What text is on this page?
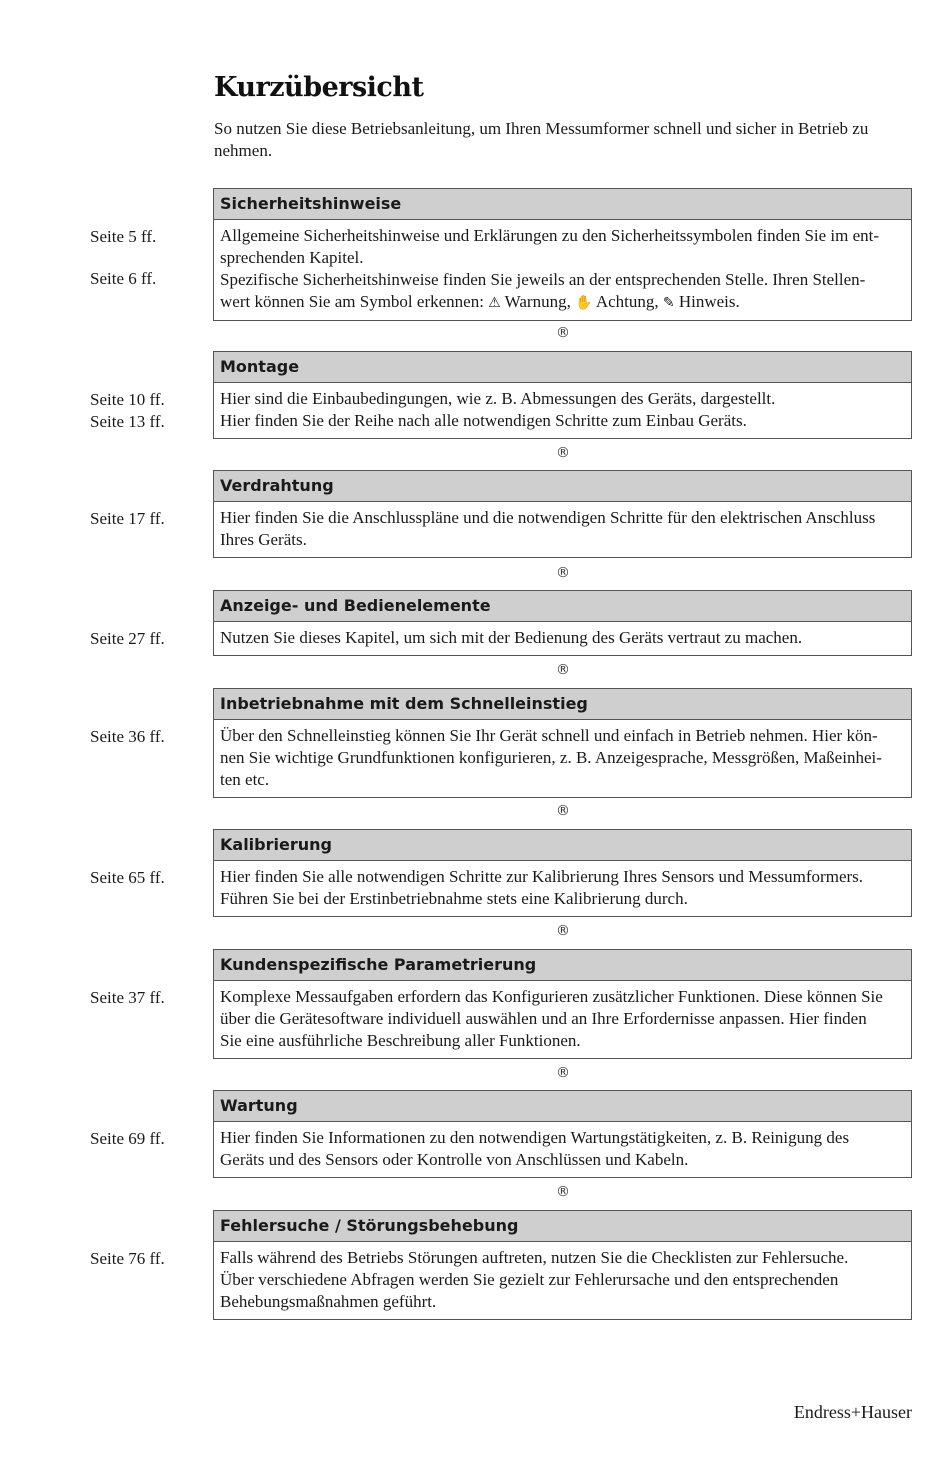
Kurzübersicht
So nutzen Sie diese Betriebsanleitung, um Ihren Messumformer schnell und sicher in Betrieb zu
nehmen.
Seite 5 ff.
Seite 6 ff.
Sicherheitshinweise
Allgemeine Sicherheitshinweise und Erklärungen zu den Sicherheitssymbolen finden Sie im ent-
sprechenden Kapitel.
Spezifische Sicherheitshinweise finden Sie jeweils an der entsprechenden Stelle. Ihren Stellen-
wert können Sie am Symbol erkennen: ⚠ Warnung, ✋ Achtung, ✎ Hinweis.
®
Seite 10 ff.
Seite 13 ff.
Montage
Hier sind die Einbaubedingungen, wie z. B. Abmessungen des Geräts, dargestellt.
Hier finden Sie der Reihe nach alle notwendigen Schritte zum Einbau Geräts.
®
Seite 17 ff.
Verdrahtung
Hier finden Sie die Anschlusspläne und die notwendigen Schritte für den elektrischen Anschluss
Ihres Geräts.
®
Seite 27 ff.
Anzeige- und Bedienelemente
Nutzen Sie dieses Kapitel, um sich mit der Bedienung des Geräts vertraut zu machen.
®
Seite 36 ff.
Inbetriebnahme mit dem Schnelleinstieg
Über den Schnelleinstieg können Sie Ihr Gerät schnell und einfach in Betrieb nehmen. Hier kön-
nen Sie wichtige Grundfunktionen konfigurieren, z. B. Anzeigesprache, Messgrößen, Maßeinhei-
ten etc.
®
Seite 65 ff.
Kalibrierung
Hier finden Sie alle notwendigen Schritte zur Kalibrierung Ihres Sensors und Messumformers.
Führen Sie bei der Erstinbetriebnahme stets eine Kalibrierung durch.
®
Seite 37 ff.
Kundenspezifische Parametrierung
Komplexe Messaufgaben erfordern das Konfigurieren zusätzlicher Funktionen. Diese können Sie
über die Gerätesoftware individuell auswählen und an Ihre Erfordernisse anpassen. Hier finden
Sie eine ausführliche Beschreibung aller Funktionen.
®
Seite 69 ff.
Wartung
Hier finden Sie Informationen zu den notwendigen Wartungstätigkeiten, z. B. Reinigung des
Geräts und des Sensors oder Kontrolle von Anschlüssen und Kabeln.
®
Seite 76 ff.
Fehlersuche / Störungsbehebung
Falls während des Betriebs Störungen auftreten, nutzen Sie die Checklisten zur Fehlersuche.
Über verschiedene Abfragen werden Sie gezielt zur Fehlerursache und den entsprechenden
Behebungsmaßnahmen geführt.
Endress+Hauser
